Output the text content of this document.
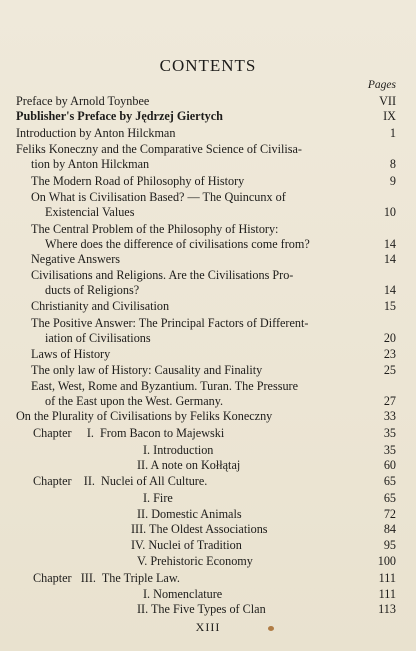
CONTENTS
Pages
Preface by Arnold Toynbee	VII
Publisher's Preface by Jędrzej Giertych	IX
Introduction by Anton Hilckman	1
Feliks Koneczny and the Comparative Science of Civilisa-
tion by Anton Hilckman	8
The Modern Road of Philosophy of History	9
On What is Civilisation Based? — The Quincunx of
Existencial Values	10
The Central Problem of the Philosophy of History:
Where does the difference of civilisations come from?	14
Negative Answers	14
Civilisations and Religions. Are the Civilisations Pro-
ducts of Religions?	14
Christianity and Civilisation	15
The Positive Answer: The Principal Factors of Different-
iation of Civilisations	20
Laws of History	23
The only law of History: Causality and Finality	25
East, West, Rome and Byzantium. Turan. The Pressure
of the East upon the West. Germany.	27
On the Plurality of Civilisations by Feliks Koneczny	33
Chapter     I.  From Bacon to Majewski	35
I. Introduction	35
II. A note on Kołłątaj	60
Chapter    II.  Nuclei of All Culture.	65
I. Fire	65
II. Domestic Animals	72
III. The Oldest Associations	84
IV. Nuclei of Tradition	95
V. Prehistoric Economy	100
Chapter   III.  The Triple Law.	111
I. Nomenclature	111
II. The Five Types of Clan	113
XIII
